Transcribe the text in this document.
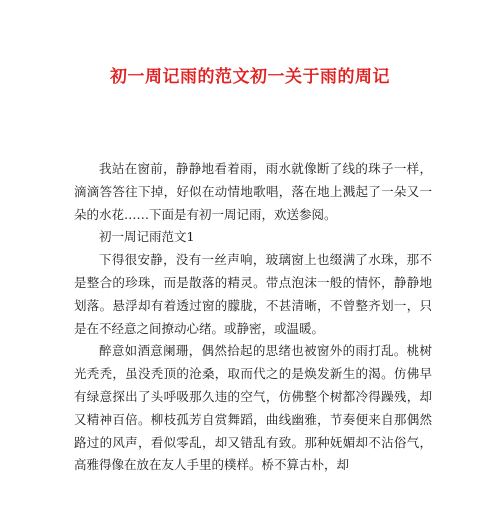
初一周记雨的范文初一关于雨的周记

我站在窗前，静静地看着雨，雨水就像断了线的珠子一样，滴滴答答往下掉，好似在动情地歌唱，落在地上溅起了一朵又一朵的水花……下面是有初一周记雨，欢送参阅。

初一周记雨范文1

下得很安静，没有一丝声响，玻璃窗上也缀满了水珠，那不是整合的珍珠，而是散落的精灵。带点泡沫一般的情怀，静静地划落。悬浮却有着透过窗的朦胧，不甚清晰，不曾整齐划一，只是在不经意之间撩动心绪。或静密，或温暖。

醉意如酒意阑珊，偶然拾起的思绪也被窗外的雨打乱。桃树光秃秃，虽没秃顶的沧桑，取而代之的是焕发新生的渴。仿佛早有绿意探出了头呼吸那久违的空气，仿佛整个树都冷得躁残，却又精神百倍。柳枝孤芳自赏舞蹈，曲线幽雅，节奏便来自那偶然路过的风声，看似零乱，却又错乱有致。那种妩媚却不沾俗气，高雅得像在放在友人手里的樸样。桥不算古朴，却
